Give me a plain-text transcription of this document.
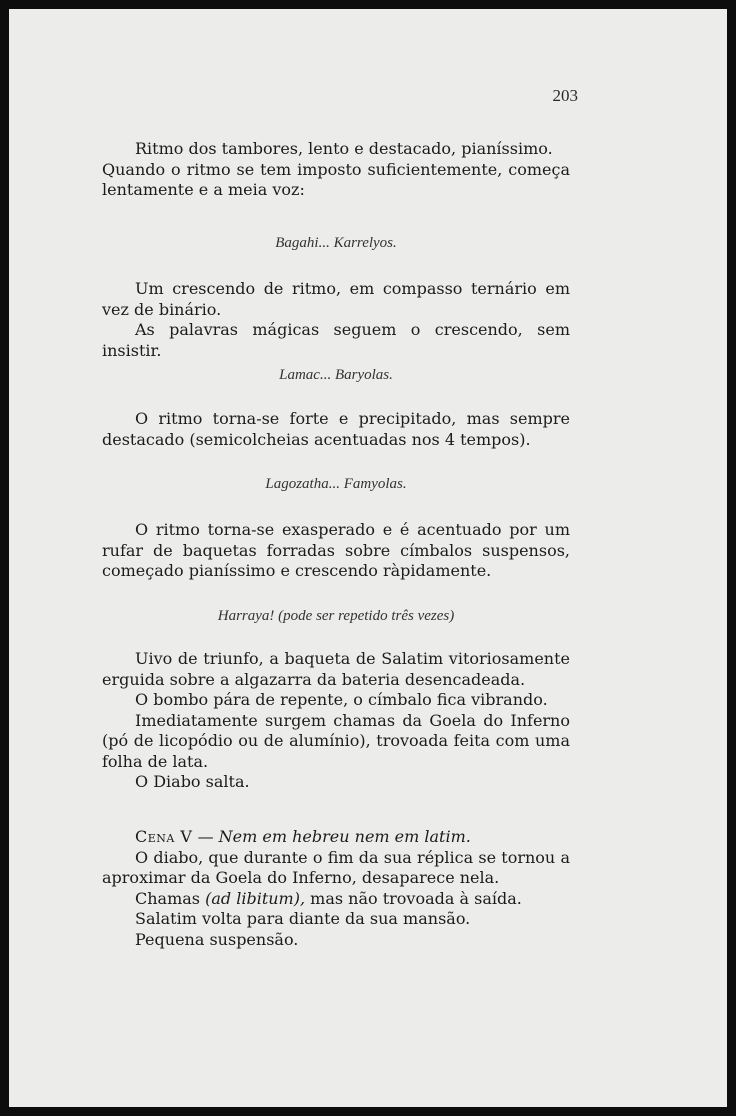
203

Ritmo dos tambores, lento e destacado, pianíssimo.

Quando o ritmo se tem imposto suficientemente, começa lentamente e a meia voz:

Bagahi... Karrelyos.

Um crescendo de ritmo, em compasso ternário em vez de binário.

As palavras mágicas seguem o crescendo, sem insistir.

Lamac... Baryolas.

O ritmo torna-se forte e precipitado, mas sempre destacado (semicolcheias acentuadas nos 4 tempos).

Lagozatha... Famyolas.

O ritmo torna-se exasperado e é acentuado por um rufar de baquetas forradas sobre címbalos suspensos, começado pianíssimo e crescendo ràpidamente.

Harraya! (pode ser repetido três vezes)

Uivo de triunfo, a baqueta de Salatim vitoriosamente erguida sobre a algazarra da bateria desencadeada.

O bombo pára de repente, o címbalo fica vibrando.

Imediatamente surgem chamas da Goela do Inferno (pó de licopódio ou de alumínio), trovoada feita com uma folha de lata.

O Diabo salta.

Cena V — Nem em hebreu nem em latim.

O diabo, que durante o fim da sua réplica se tornou a aproximar da Goela do Inferno, desaparece nela.

Chamas (ad libitum), mas não trovoada à saída.

Salatim volta para diante da sua mansão.

Pequena suspensão.
